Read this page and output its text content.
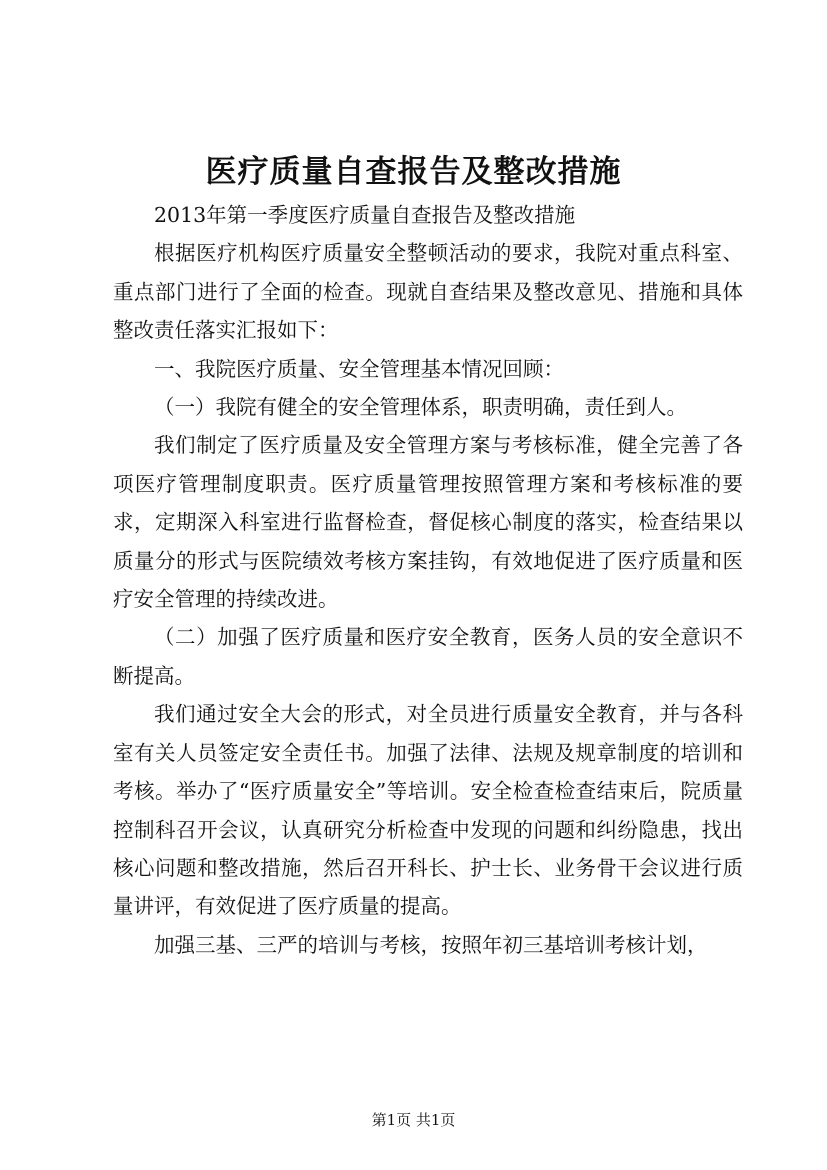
医疗质量自查报告及整改措施

2013年第一季度医疗质量自查报告及整改措施

根据医疗机构医疗质量安全整顿活动的要求，我院对重点科室、重点部门进行了全面的检查。现就自查结果及整改意见、措施和具体整改责任落实汇报如下：

一、我院医疗质量、安全管理基本情况回顾：

（一）我院有健全的安全管理体系，职责明确，责任到人。

我们制定了医疗质量及安全管理方案与考核标准，健全完善了各项医疗管理制度职责。医疗质量管理按照管理方案和考核标准的要求，定期深入科室进行监督检查，督促核心制度的落实，检查结果以质量分的形式与医院绩效考核方案挂钩，有效地促进了医疗质量和医疗安全管理的持续改进。

（二）加强了医疗质量和医疗安全教育，医务人员的安全意识不断提高。

我们通过安全大会的形式，对全员进行质量安全教育，并与各科室有关人员签定安全责任书。加强了法律、法规及规章制度的培训和考核。举办了“医疗质量安全”等培训。安全检查检查结束后，院质量控制科召开会议，认真研究分析检查中发现的问题和纠纷隐患，找出核心问题和整改措施，然后召开科长、护士长、业务骨干会议进行质量讲评，有效促进了医疗质量的提高。

加强三基、三严的培训与考核，按照年初三基培训考核计划，

第1页 共1页
